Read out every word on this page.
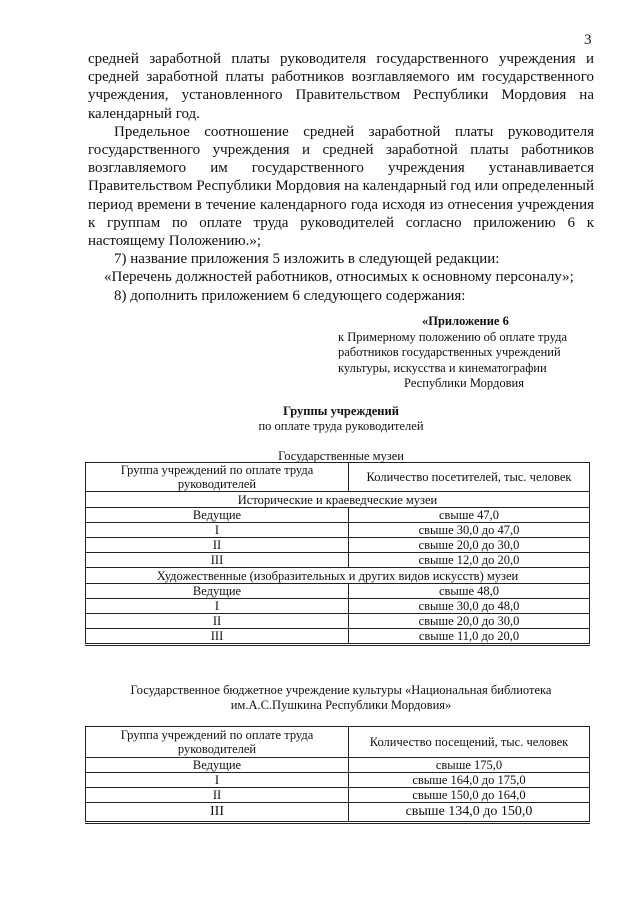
3

средней заработной платы руководителя государственного учреждения и средней заработной платы работников возглавляемого им государственного учреждения, установленного Правительством Республики Мордовия на календарный год.

Предельное соотношение средней заработной платы руководителя государственного учреждения и средней заработной платы работников возглавляемого им государственного учреждения устанавливается Правительством Республики Мордовия на календарный год или определенный период времени в течение календарного года исходя из отнесения учреждения к группам по оплате труда руководителей согласно приложению 6 к настоящему Положению.»;

7) название приложения 5 изложить в следующей редакции:

«Перечень должностей работников, относимых к основному персоналу»;

8) дополнить приложением 6 следующего содержания:

«Приложение 6
к Примерному положению об оплате труда
работников государственных учреждений
культуры, искусства и кинематографии
Республики Мордовия
Группы учреждений
по оплате труда руководителей
Государственные музеи
Группа учреждений по оплате труда руководителей	Количество посетителей, тыс. человек
Исторические и краеведческие музеи	
Ведущие	свыше 47,0
I	свыше 30,0 до 47,0
II	свыше 20,0 до 30,0
III	свыше 12,0 до 20,0
Художественные (изобразительных и других видов искусств) музеи	
Ведущие	свыше 48,0
I	свыше 30,0 до 48,0
II	свыше 20,0 до 30,0
III	свыше 11,0 до 20,0
Государственное бюджетное учреждение культуры «Национальная библиотека
им.А.С.Пушкина Республики Мордовия»
Группа учреждений по оплате труда руководителей	Количество посещений, тыс. человек
Ведущие	свыше 175,0
I	свыше 164,0 до 175,0
II	свыше 150,0 до 164,0
III	свыше 134,0 до 150,0
